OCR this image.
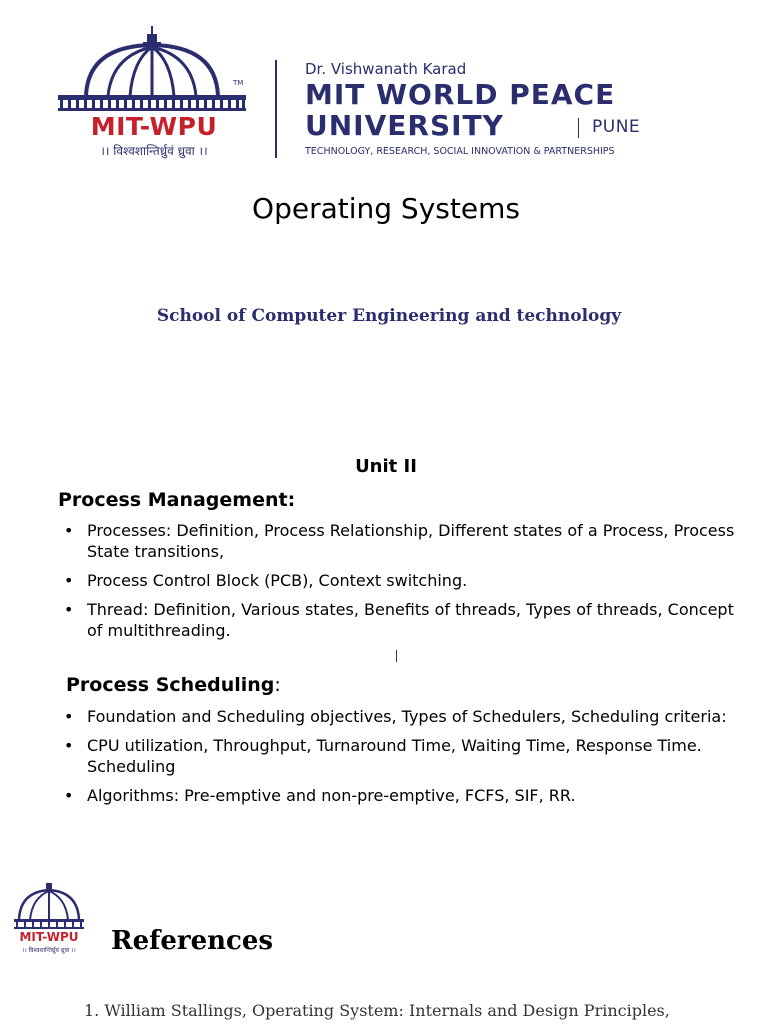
TM
MIT-WPU
।। विश्वशान्तिर्ध्रुवं ध्रुवा ।।
Dr. Vishwanath Karad
MIT WORLD PEACE
UNIVERSITY	PUNE
TECHNOLOGY, RESEARCH, SOCIAL INNOVATION & PARTNERSHIPS
Operating Systems
School of Computer Engineering and technology
Unit II
Process Management:
• Processes: Definition, Process Relationship, Different states of a Process, Process State transitions,
• Process Control Block (PCB), Context switching.
• Thread: Definition, Various states, Benefits of threads, Types of threads, Concept of multithreading.
Process Scheduling:
• Foundation and Scheduling objectives, Types of Schedulers, Scheduling criteria:
• CPU utilization, Throughput, Turnaround Time, Waiting Time, Response Time. Scheduling
• Algorithms: Pre-emptive and non-pre-emptive, FCFS, SIF, RR.
MIT-WPU
।। विश्वशान्तिर्ध्रुवं ध्रुवा ।।	References
1. William Stallings, Operating System: Internals and Design Principles,
